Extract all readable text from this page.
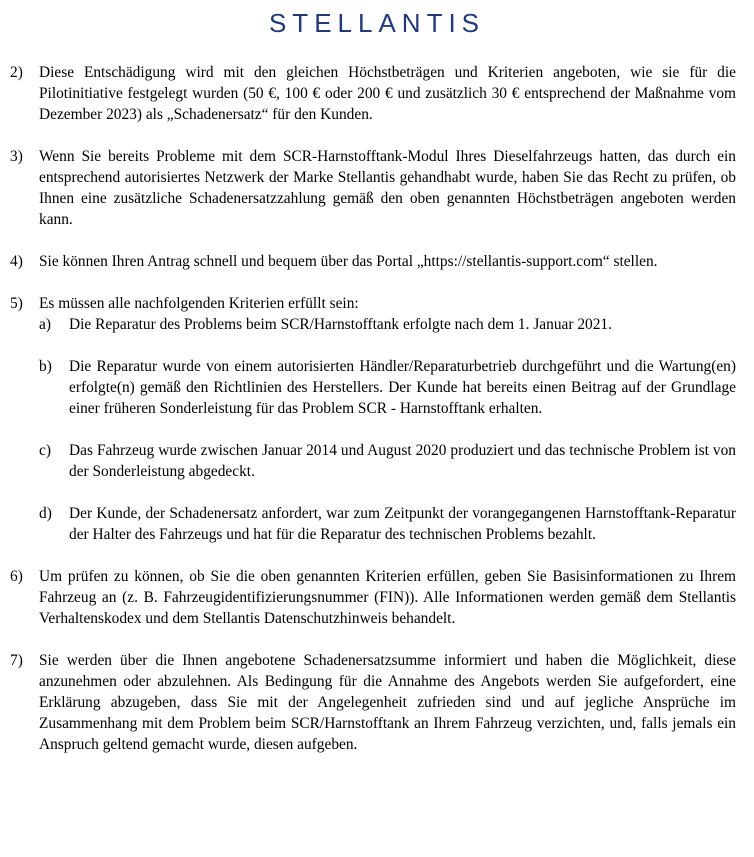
STELLANTIS
2) Diese Entschädigung wird mit den gleichen Höchstbeträgen und Kriterien angeboten, wie sie für die Pilotinitiative festgelegt wurden (50 €, 100 € oder 200 € und zusätzlich 30 € entsprechend der Maßnahme vom Dezember 2023) als „Schadenersatz“ für den Kunden.
3) Wenn Sie bereits Probleme mit dem SCR-Harnstofftank-Modul Ihres Dieselfahrzeugs hatten, das durch ein entsprechend autorisiertes Netzwerk der Marke Stellantis gehandhabt wurde, haben Sie das Recht zu prüfen, ob Ihnen eine zusätzliche Schadenersatzzahlung gemäß den oben genannten Höchstbeträgen angeboten werden kann.
4) Sie können Ihren Antrag schnell und bequem über das Portal „https://stellantis-support.com“ stellen.
5) Es müssen alle nachfolgenden Kriterien erfüllt sein:
a) Die Reparatur des Problems beim SCR/Harnstofftank erfolgte nach dem 1. Januar 2021.
b) Die Reparatur wurde von einem autorisierten Händler/Reparaturbetrieb durchgeführt und die Wartung(en) erfolgte(n) gemäß den Richtlinien des Herstellers. Der Kunde hat bereits einen Beitrag auf der Grundlage einer früheren Sonderleistung für das Problem SCR - Harnstofftank erhalten.
c) Das Fahrzeug wurde zwischen Januar 2014 und August 2020 produziert und das technische Problem ist von der Sonderleistung abgedeckt.
d) Der Kunde, der Schadenersatz anfordert, war zum Zeitpunkt der vorangegangenen Harnstofftank-Reparatur der Halter des Fahrzeugs und hat für die Reparatur des technischen Problems bezahlt.
6) Um prüfen zu können, ob Sie die oben genannten Kriterien erfüllen, geben Sie Basisinformationen zu Ihrem Fahrzeug an (z. B. Fahrzeugidentifizierungsnummer (FIN)). Alle Informationen werden gemäß dem Stellantis Verhaltenskodex und dem Stellantis Datenschutzhinweis behandelt.
7) Sie werden über die Ihnen angebotene Schadenersatzsumme informiert und haben die Möglichkeit, diese anzunehmen oder abzulehnen. Als Bedingung für die Annahme des Angebots werden Sie aufgefordert, eine Erklärung abzugeben, dass Sie mit der Angelegenheit zufrieden sind und auf jegliche Ansprüche im Zusammenhang mit dem Problem beim SCR/Harnstofftank an Ihrem Fahrzeug verzichten, und, falls jemals ein Anspruch geltend gemacht wurde, diesen aufgeben.
